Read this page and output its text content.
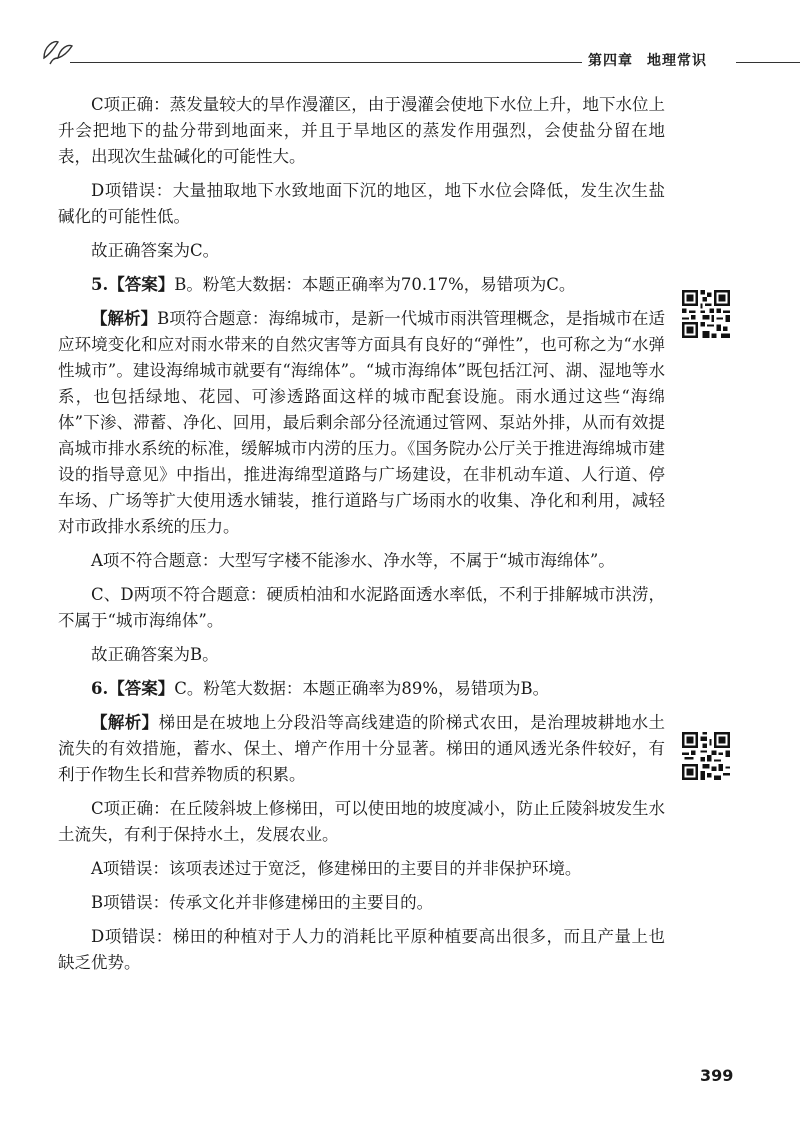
第四章 地理常识

C项正确：蒸发量较大的旱作漫灌区，由于漫灌会使地下水位上升，地下水位上升会把地下的盐分带到地面来，并且于旱地区的蒸发作用强烈，会使盐分留在地表，出现次生盐碱化的可能性大。

D项错误：大量抽取地下水致地面下沉的地区，地下水位会降低，发生次生盐碱化的可能性低。

故正确答案为C。

5.【答案】B。粉笔大数据：本题正确率为70.17%，易错项为C。

【解析】B项符合题意：海绵城市，是新一代城市雨洪管理概念，是指城市在适应环境变化和应对雨水带来的自然灾害等方面具有良好的“弹性”，也可称之为“水弹性城市”。建设海绵城市就要有“海绵体”。“城市海绵体”既包括江河、湖、湿地等水系，也包括绿地、花园、可渗透路面这样的城市配套设施。雨水通过这些“海绵体”下渗、滞蓄、净化、回用，最后剩余部分径流通过管网、泵站外排，从而有效提高城市排水系统的标准，缓解城市内涝的压力。《国务院办公厅关于推进海绵城市建设的指导意见》中指出，推进海绵型道路与广场建设，在非机动车道、人行道、停车场、广场等扩大使用透水铺装，推行道路与广场雨水的收集、净化和利用，减轻对市政排水系统的压力。

A项不符合题意：大型写字楼不能渗水、净水等，不属于“城市海绵体”。

C、D两项不符合题意：硬质柏油和水泥路面透水率低，不利于排解城市洪涝，不属于“城市海绵体”。

故正确答案为B。

6.【答案】C。粉笔大数据：本题正确率为89%，易错项为B。

【解析】梯田是在坡地上分段沿等高线建造的阶梯式农田，是治理坡耕地水土流失的有效措施，蓄水、保土、增产作用十分显著。梯田的通风透光条件较好，有利于作物生长和营养物质的积累。

C项正确：在丘陵斜坡上修梯田，可以使田地的坡度减小，防止丘陵斜坡发生水土流失，有利于保持水土，发展农业。

A项错误：该项表述过于宽泛，修建梯田的主要目的并非保护环境。

B项错误：传承文化并非修建梯田的主要目的。

D项错误：梯田的种植对于人力的消耗比平原种植要高出很多，而且产量上也缺乏优势。

399
